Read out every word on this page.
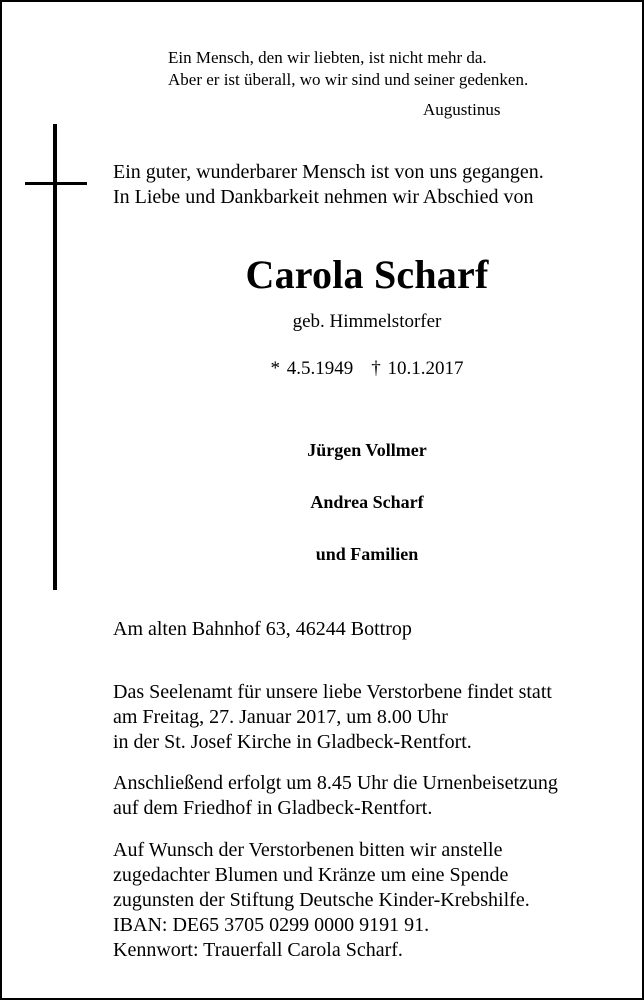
Ein Mensch, den wir liebten, ist nicht mehr da.
Aber er ist überall, wo wir sind und seiner gedenken.
Augustinus
Ein guter, wunderbarer Mensch ist von uns gegangen.
In Liebe und Dankbarkeit nehmen wir Abschied von
Carola Scharf
geb. Himmelstorfer
* 4.5.1949 † 10.1.2017
Jürgen Vollmer
Andrea Scharf
und Familien
Am alten Bahnhof 63, 46244 Bottrop
Das Seelenamt für unsere liebe Verstorbene findet statt
am Freitag, 27. Januar 2017, um 8.00 Uhr
in der St. Josef Kirche in Gladbeck-Rentfort.
Anschließend erfolgt um 8.45 Uhr die Urnenbeisetzung
auf dem Friedhof in Gladbeck-Rentfort.
Auf Wunsch der Verstorbenen bitten wir anstelle
zugedachter Blumen und Kränze um eine Spende
zugunsten der Stiftung Deutsche Kinder-Krebshilfe.
IBAN: DE65 3705 0299 0000 9191 91.
Kennwort: Trauerfall Carola Scharf.
